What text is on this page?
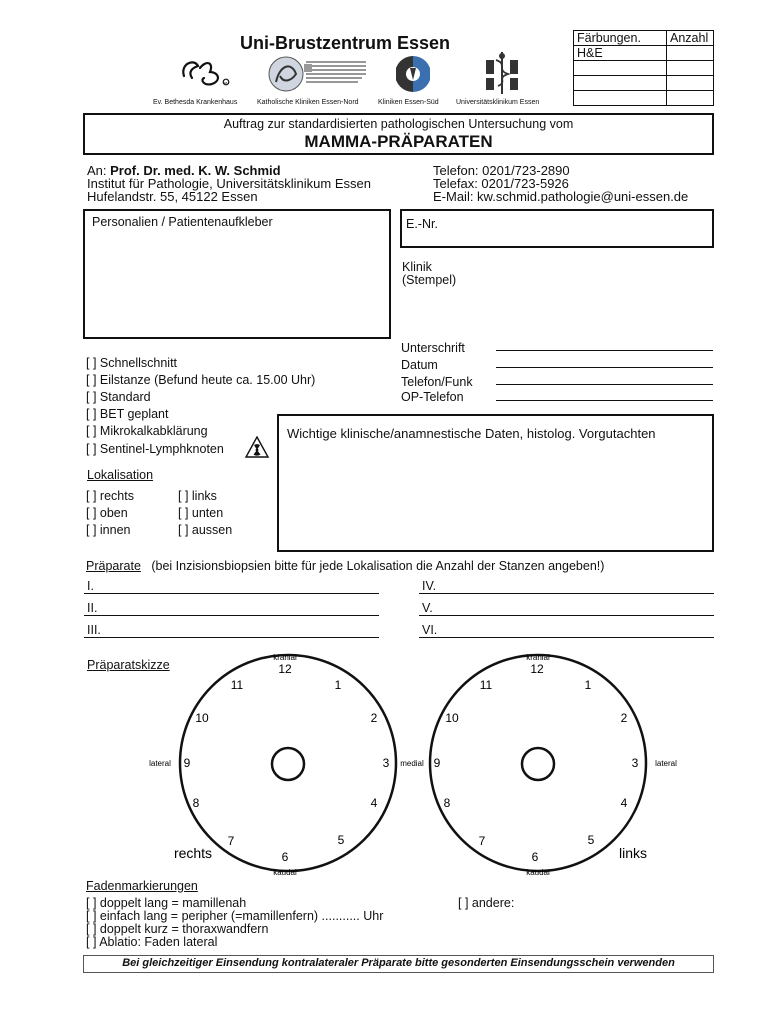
Uni-Brustzentrum Essen
EB
Ev. Bethesda Krankenhaus	Katholische Kliniken Essen-Nord	Kliniken Essen-Süd Universitätsklinikum Essen
Färbungen.	Anzahl
H&E	

Auftrag zur standardisierten pathologischen Untersuchung vom
MAMMA-PRÄPARATEN
An: Prof. Dr. med. K. W. Schmid
Institut für Pathologie, Universitätsklinikum Essen
Hufelandstr. 55, 45122 Essen
Telefon: 0201/723-2890
Telefax: 0201/723-5926
E-Mail: kw.schmid.pathologie@uni-essen.de
Personalien / Patientenaufkleber	E.-Nr.
Klinik
(Stempel)
Unterschrift
Datum
Telefon/Funk
OP-Telefon
[ ] Schnellschnitt
[ ] Eilstanze (Befund heute ca. 15.00 Uhr)
[ ] Standard
[ ] BET geplant
[ ] Mikrokalkabklärung
[ ] Sentinel-Lymphknoten
Wichtige klinische/anamnestische Daten, histolog. Vorgutachten
Lokalisation
[ ] rechts
[ ] oben
[ ] innen
[ ] links
[ ] unten
[ ] aussen
Präparate (bei Inzisionsbiopsien bitte für jede Lokalisation die Anzahl der Stanzen angeben!)
I.
II.
III.
IV.
V.
VI.
Präparatskizze
kranial
kaudal
lateral	medial
12
1
2
3
4
5
6
7
8
9
10
11
rechts
kranial
kaudal
lateral
12
1
2
3
4
5
6
7
8
9
10
11
links
Fadenmarkierungen
[ ] doppelt lang = mamillenah
[ ] einfach lang = peripher (=mamillenfern) ........... Uhr
[ ] doppelt kurz = thoraxwandfern
[ ] Ablatio: Faden lateral
[ ] andere:
Bei gleichzeitiger Einsendung kontralateraler Präparate bitte gesonderten Einsendungsschein verwenden
